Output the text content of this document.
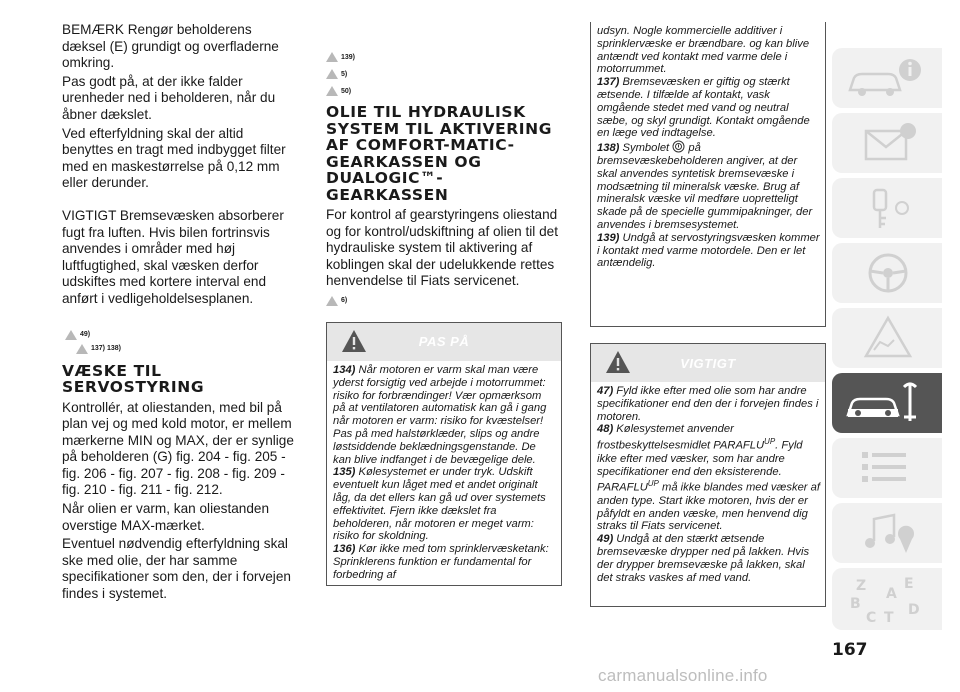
BEMÆRK Rengør beholderens dæksel (E) grundigt og overfladerne omkring.

Pas godt på, at der ikke falder urenheder ned i beholderen, når du åbner dækslet.

Ved efterfyldning skal der altid benyttes en tragt med indbygget filter med en maskestørrelse på 0,12 mm eller derunder.

VIGTIGT Bremsevæsken absorberer fugt fra luften. Hvis bilen fortrinsvis anvendes i områder med høj luftfugtighed, skal væsken derfor udskiftes med kortere interval end anført i vedligeholdelsesplanen.

49)
137) 138)
VÆSKE TIL SERVOSTYRING

Kontrollér, at oliestanden, med bil på plan vej og med kold motor, er mellem mærkerne MIN og MAX, der er synlige på beholderen (G) fig. 204 - fig. 205 - fig. 206 - fig. 207 - fig. 208 - fig. 209 - fig. 210 - fig. 211 - fig. 212.

Når olien er varm, kan oliestanden overstige MAX-mærket.

Eventuel nødvendig efterfyldning skal ske med olie, der har samme specifikationer som den, der i forvejen findes i systemet.

139)
5)
50)
OLIE TIL HYDRAULISK SYSTEM TIL AKTIVERING AF COMFORT-MATIC-GEARKASSEN OG DUALOGIC™-GEARKASSEN

For kontrol af gearstyringens oliestand og for kontrol/udskiftning af olien til det hydrauliske system til aktivering af koblingen skal der udelukkende rettes henvendelse til Fiats servicenet.

6)
PAS PÅ

134) Når motoren er varm skal man være yderst forsigtig ved arbejde i motorrummet: risiko for forbrændinger! Vær opmærksom på at ventilatoren automatisk kan gå i gang når motoren er varm: risiko for kvæstelser! Pas på med halstørklæder, slips og andre løstsiddende beklædningsgenstande. De kan blive indfanget i de bevægelige dele.

135) Kølesystemet er under tryk. Udskift eventuelt kun låget med et andet originalt låg, da det ellers kan gå ud over systemets effektivitet. Fjern ikke dækslet fra beholderen, når motoren er meget varm: risiko for skoldning.

136) Kør ikke med tom sprinklervæsketank: Sprinklerens funktion er fundamental for forbedring af

udsyn. Nogle kommercielle additiver i sprinklervæske er brændbare. og kan blive antændt ved kontakt med varme dele i motorrummet.

137) Bremsevæsken er giftig og stærkt ætsende. I tilfælde af kontakt, vask omgående stedet med vand og neutral sæbe, og skyl grundigt. Kontakt omgående en læge ved indtagelse.

138) Symbolet på bremsevæskebeholderen angiver, at der skal anvendes syntetisk bremsevæske i modsætning til mineralsk væske. Brug af mineralsk væske vil medføre uopretteligt skade på de specielle gummipakninger, der anvendes i bremsesystemet.

139) Undgå at servostyringsvæsken kommer i kontakt med varme motordele. Den er let antændelig.

VIGTIGT

47) Fyld ikke efter med olie som har andre specifikationer end den der i forvejen findes i motoren.

48) Kølesystemet anvender frostbeskyttelsesmidlet $PARAFLU^{UP}$. Fyld ikke efter med væsker, som har andre specifikationer end den eksisterende. $PARAFLU^{UP}$ må ikke blandes med væsker af anden type. Start ikke motoren, hvis der er påfyldt en anden væske, men henvend dig straks til Fiats servicenet.

49) Undgå at den stærkt ætsende bremsevæske drypper ned på lakken. Hvis der drypper bremsevæske på lakken, skal det straks vaskes af med vand.

Z	E
B
A
C T D
167
carmanualsonline.info
